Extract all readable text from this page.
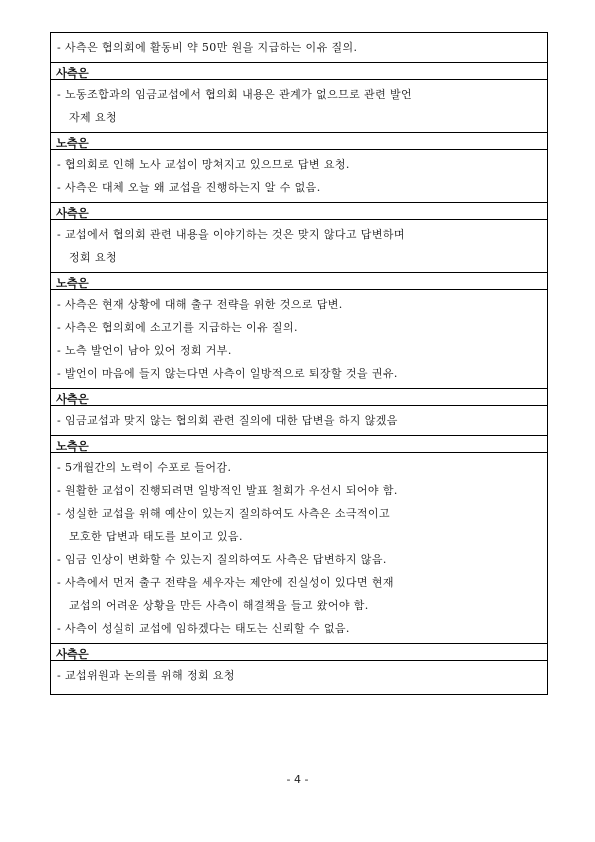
- 사측은 협의회에 활동비 약 50만 원을 지급하는 이유 질의.
사측은
- 노동조합과의 임금교섭에서 협의회 내용은 관계가 없으므로 관련 발언
자제 요청
노측은
- 협의회로 인해 노사 교섭이 망쳐지고 있으므로 답변 요청.
- 사측은 대체 오늘 왜 교섭을 진행하는지 알 수 없음.
사측은
- 교섭에서 협의회 관련 내용을 이야기하는 것은 맞지 않다고 답변하며
정회 요청
노측은
- 사측은 현재 상황에 대해 출구 전략을 위한 것으로 답변.
- 사측은 협의회에 소고기를 지급하는 이유 질의.
- 노측 발언이 남아 있어 정회 거부.
- 발언이 마음에 들지 않는다면 사측이 일방적으로 퇴장할 것을 권유.
사측은
- 임금교섭과 맞지 않는 협의회 관련 질의에 대한 답변을 하지 않겠음
노측은
- 5개월간의 노력이 수포로 들어감.
- 원활한 교섭이 진행되려면 일방적인 발표 철회가 우선시 되어야 함.
- 성실한 교섭을 위해 예산이 있는지 질의하여도 사측은 소극적이고
모호한 답변과 태도를 보이고 있음.
- 임금 인상이 변화할 수 있는지 질의하여도 사측은 답변하지 않음.
- 사측에서 먼저 출구 전략을 세우자는 제안에 진실성이 있다면 현재
교섭의 어려운 상황을 만든 사측이 해결책을 들고 왔어야 함.
- 사측이 성실히 교섭에 임하겠다는 태도는 신뢰할 수 없음.
사측은
- 교섭위원과 논의를 위해 정회 요청
- 4 -
